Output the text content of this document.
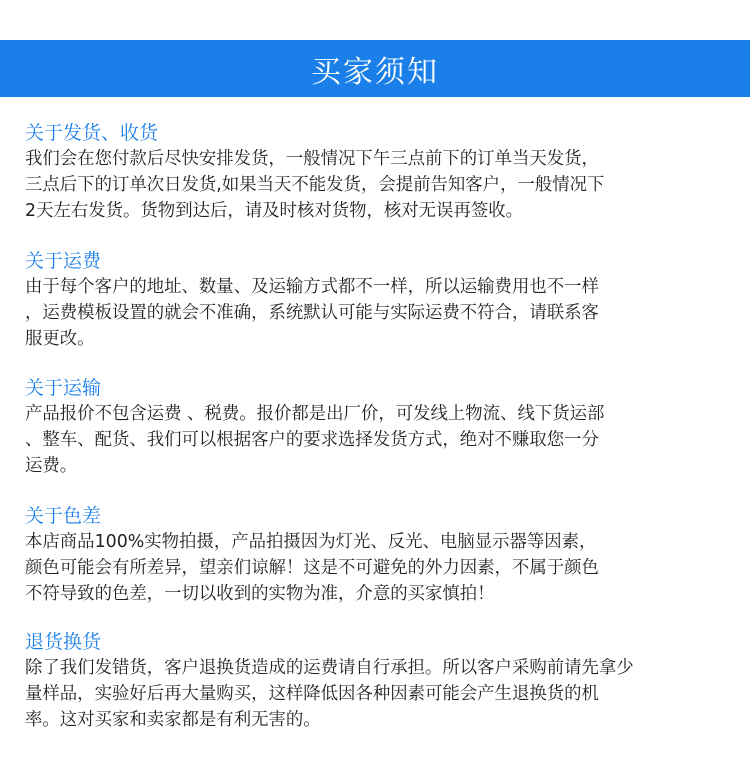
买家须知
关于发货、收货

我们会在您付款后尽快安排发货，一般情况下午三点前下的订单当天发货，
三点后下的订单次日发货,如果当天不能发货，会提前告知客户，一般情况下
2天左右发货。货物到达后，请及时核对货物，核对无误再签收。

关于运费

由于每个客户的地址、数量、及运输方式都不一样，所以运输费用也不一样
，运费模板设置的就会不准确，系统默认可能与实际运费不符合，请联系客
服更改。

关于运输

产品报价不包含运费 、税费。报价都是出厂价，可发线上物流、线下货运部
、整车、配货、我们可以根据客户的要求选择发货方式，绝对不赚取您一分
运费。

关于色差

本店商品100%实物拍摄，产品拍摄因为灯光、反光、电脑显示器等因素，
颜色可能会有所差异，望亲们谅解！这是不可避免的外力因素，不属于颜色
不符导致的色差，一切以收到的实物为准，介意的买家慎拍！

退货换货

除了我们发错货，客户退换货造成的运费请自行承担。所以客户采购前请先拿少
量样品，实验好后再大量购买，这样降低因各种因素可能会产生退换货的机
率。这对买家和卖家都是有利无害的。
